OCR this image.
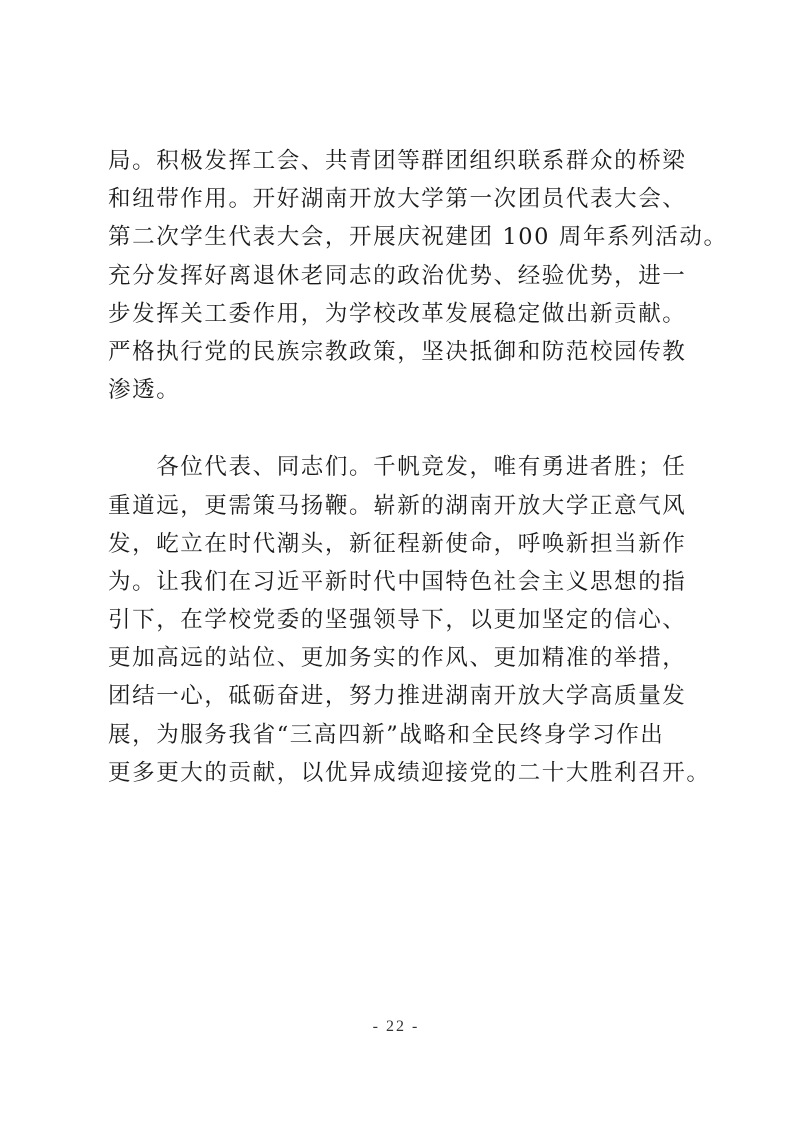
局。积极发挥工会、共青团等群团组织联系群众的桥梁
和纽带作用。开好湖南开放大学第一次团员代表大会、
第二次学生代表大会，开展庆祝建团 100 周年系列活动。
充分发挥好离退休老同志的政治优势、经验优势，进一
步发挥关工委作用，为学校改革发展稳定做出新贡献。
严格执行党的民族宗教政策，坚决抵御和防范校园传教
渗透。
　　各位代表、同志们。千帆竞发，唯有勇进者胜；任
重道远，更需策马扬鞭。崭新的湖南开放大学正意气风
发，屹立在时代潮头，新征程新使命，呼唤新担当新作
为。让我们在习近平新时代中国特色社会主义思想的指
引下，在学校党委的坚强领导下，以更加坚定的信心、
更加高远的站位、更加务实的作风、更加精准的举措，
团结一心，砥砺奋进，努力推进湖南开放大学高质量发
展，为服务我省“三高四新”战略和全民终身学习作出
更多更大的贡献，以优异成绩迎接党的二十大胜利召开。
- 22 -
